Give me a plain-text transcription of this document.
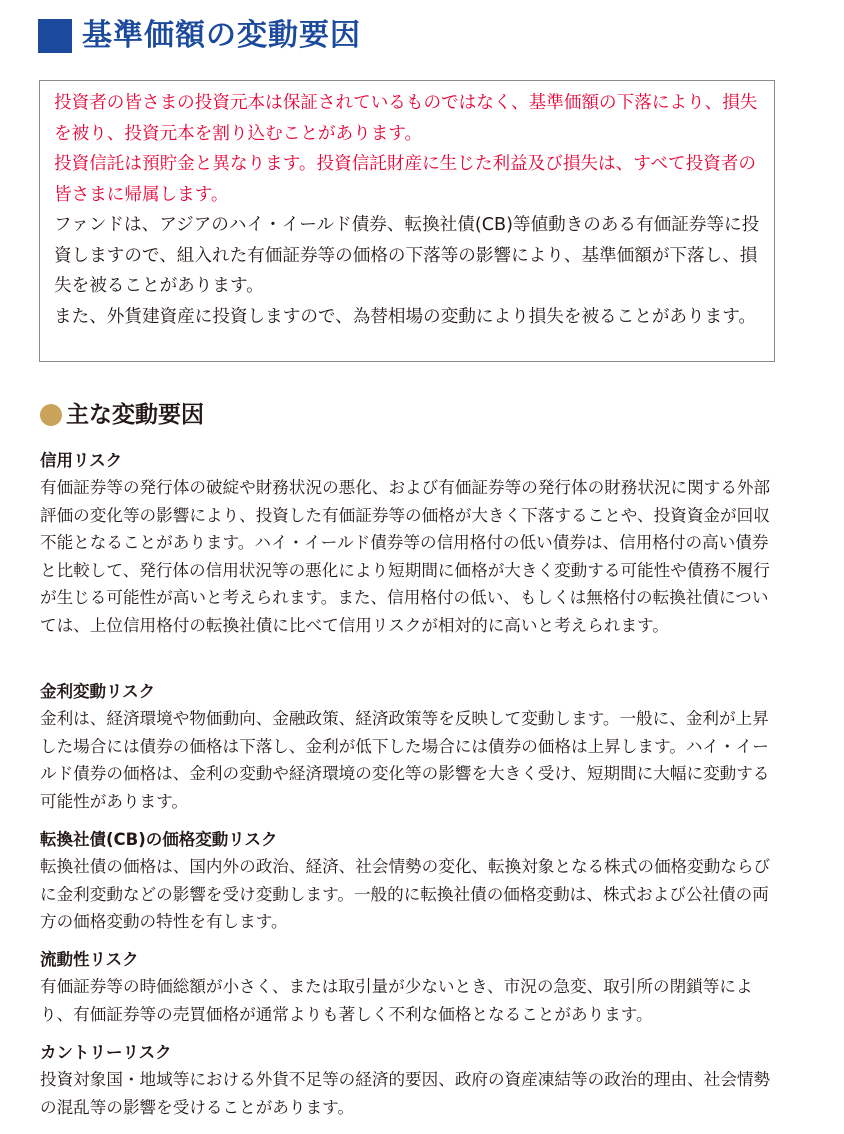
基準価額の変動要因

投資者の皆さまの投資元本は保証されているものではなく、基準価額の下落により、損失を被り、投資元本を割り込むことがあります。

投資信託は預貯金と異なります。投資信託財産に生じた利益及び損失は、すべて投資者の皆さまに帰属します。

ファンドは、アジアのハイ・イールド債券、転換社債(CB)等値動きのある有価証券等に投資しますので、組入れた有価証券等の価格の下落等の影響により、基準価額が下落し、損失を被ることがあります。

また、外貨建資産に投資しますので、為替相場の変動により損失を被ることがあります。

主な変動要因
信用リスク

有価証券等の発行体の破綻や財務状況の悪化、および有価証券等の発行体の財務状況に関する外部評価の変化等の影響により、投資した有価証券等の価格が大きく下落することや、投資資金が回収不能となることがあります。ハイ・イールド債券等の信用格付の低い債券は、信用格付の高い債券と比較して、発行体の信用状況等の悪化により短期間に価格が大きく変動する可能性や債務不履行が生じる可能性が高いと考えられます。また、信用格付の低い、もしくは無格付の転換社債については、上位信用格付の転換社債に比べて信用リスクが相対的に高いと考えられます。

金利変動リスク

金利は、経済環境や物価動向、金融政策、経済政策等を反映して変動します。一般に、金利が上昇した場合には債券の価格は下落し、金利が低下した場合には債券の価格は上昇します。ハイ・イールド債券の価格は、金利の変動や経済環境の変化等の影響を大きく受け、短期間に大幅に変動する可能性があります。

転換社債(CB)の価格変動リスク

転換社債の価格は、国内外の政治、経済、社会情勢の変化、転換対象となる株式の価格変動ならびに金利変動などの影響を受け変動します。一般的に転換社債の価格変動は、株式および公社債の両方の価格変動の特性を有します。

流動性リスク

有価証券等の時価総額が小さく、または取引量が少ないとき、市況の急変、取引所の閉鎖等により、有価証券等の売買価格が通常よりも著しく不利な価格となることがあります。

カントリーリスク

投資対象国・地域等における外貨不足等の経済的要因、政府の資産凍結等の政治的理由、社会情勢の混乱等の影響を受けることがあります。
